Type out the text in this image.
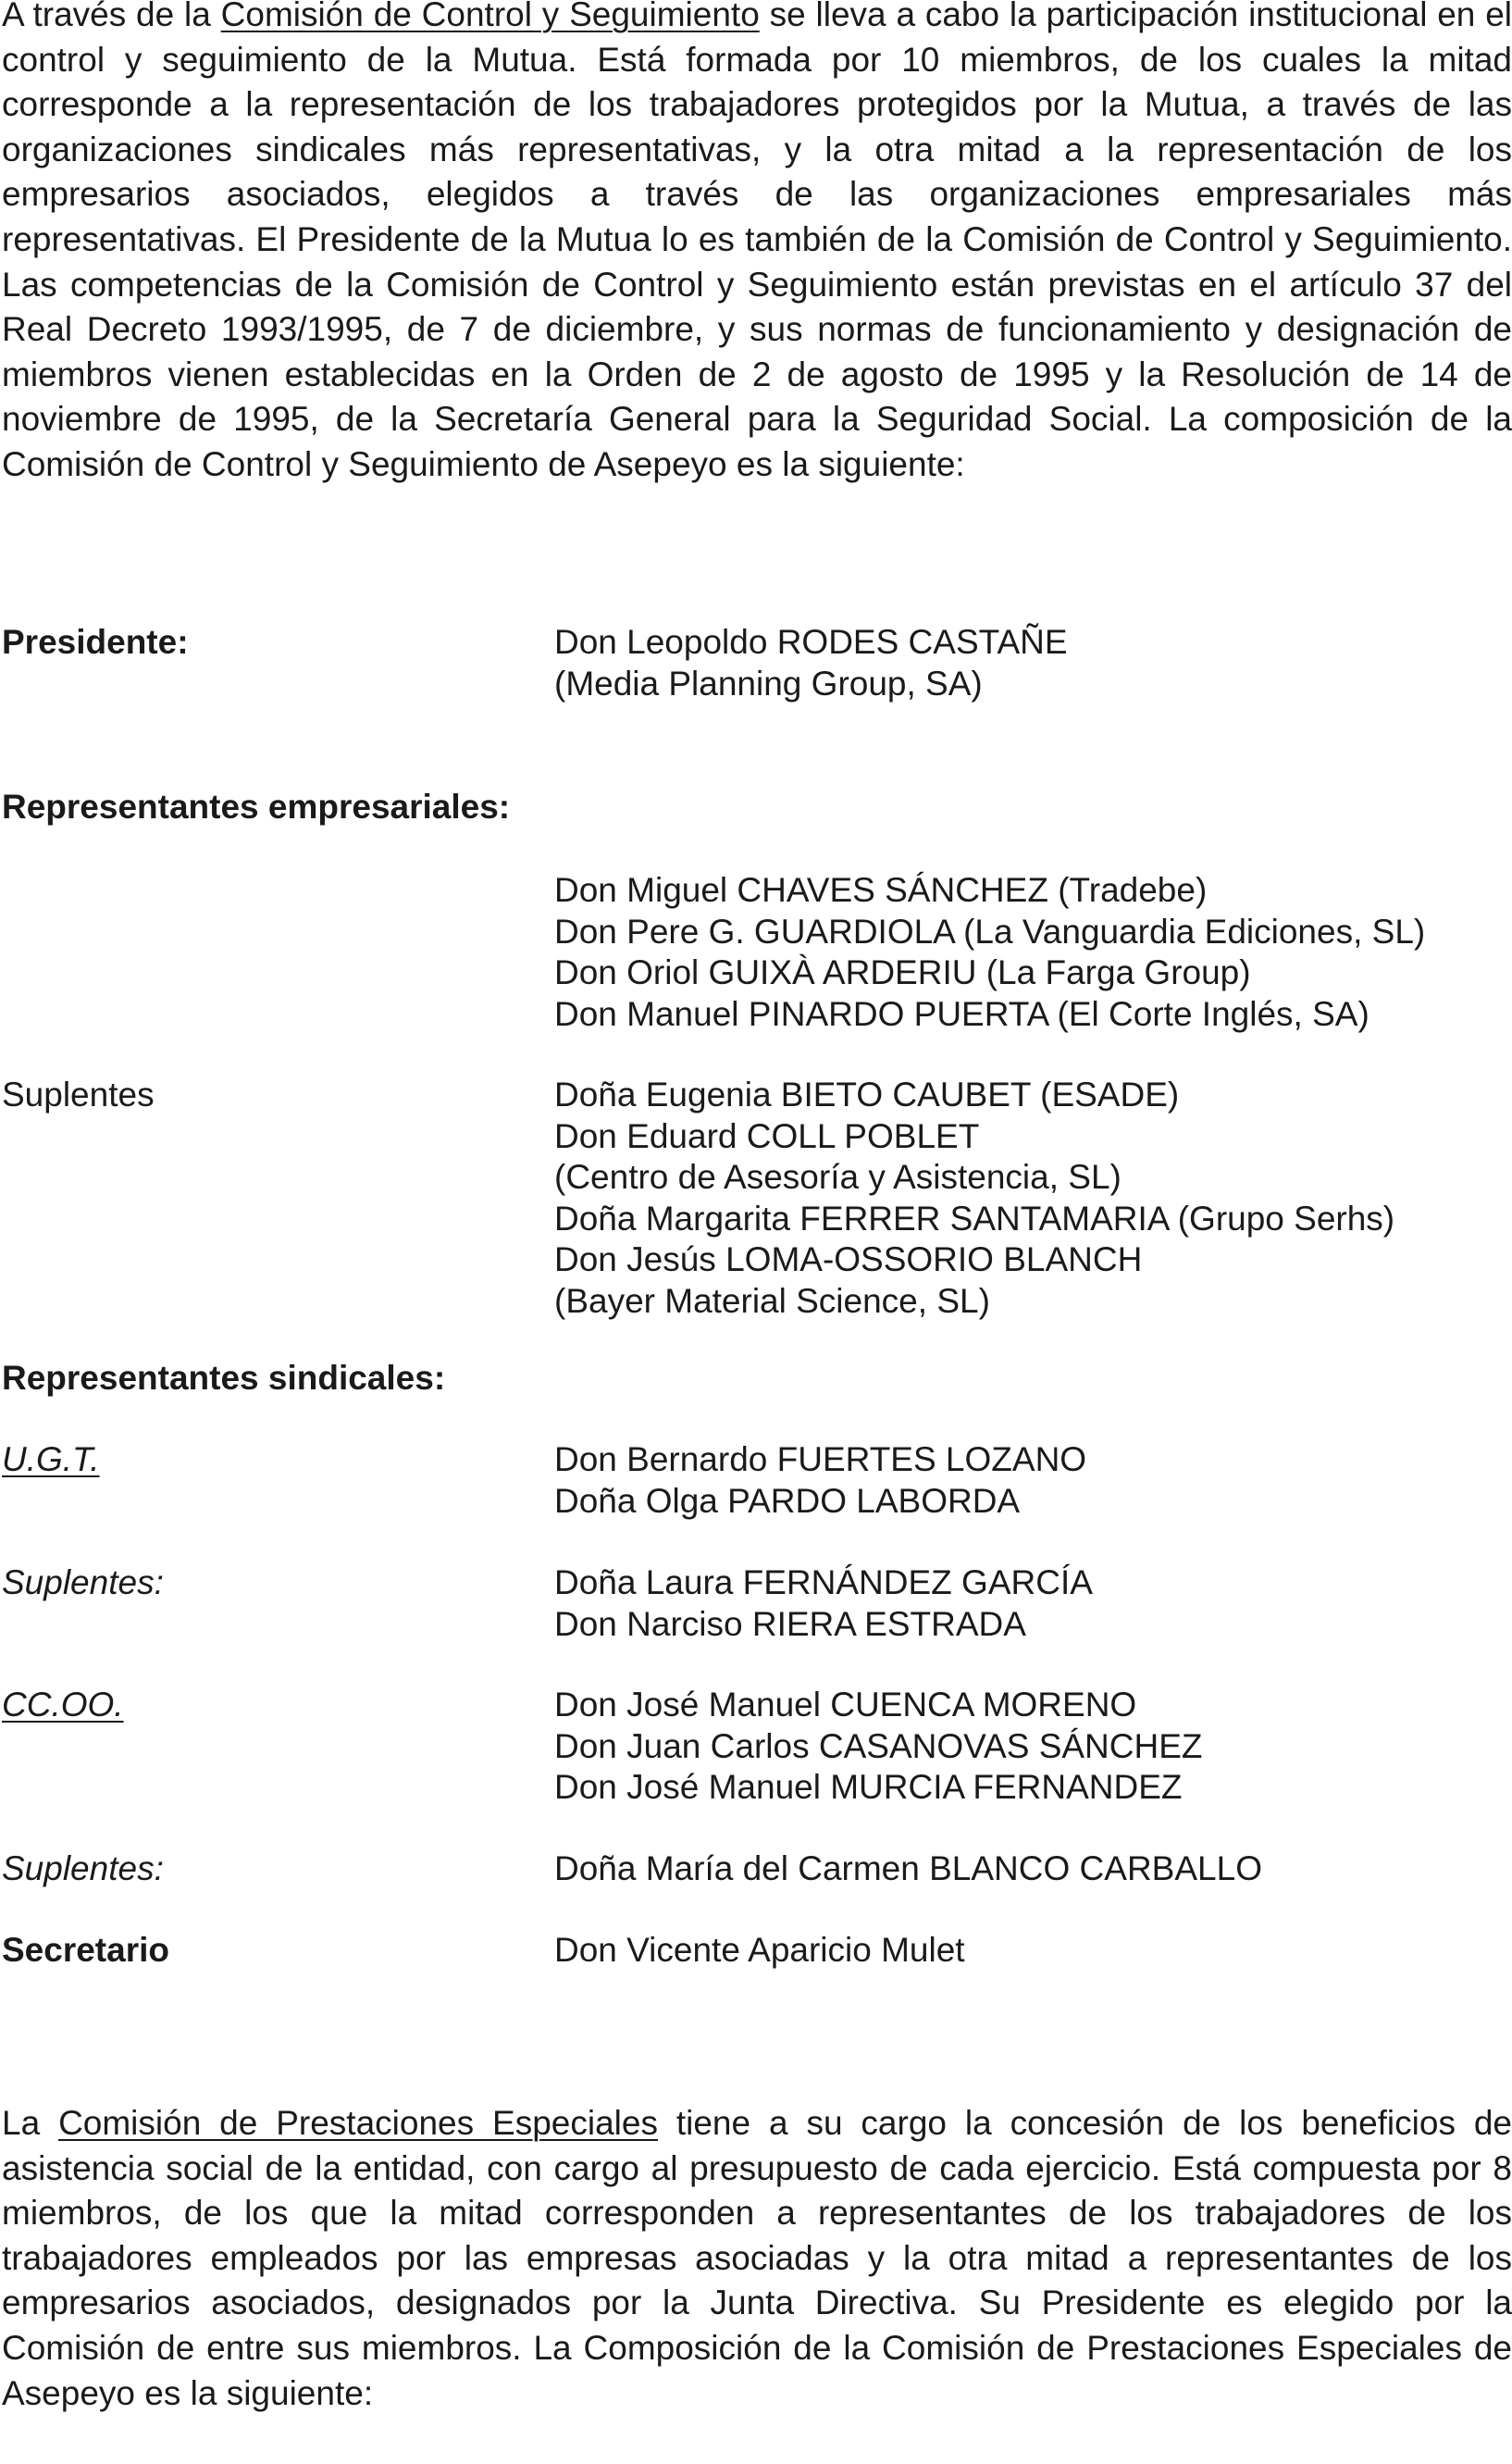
A través de la Comisión de Control y Seguimiento se lleva a cabo la participación institucional en el control y seguimiento de la Mutua. Está formada por 10 miembros, de los cuales la mitad corresponde a la representación de los trabajadores protegidos por la Mutua, a través de las organizaciones sindicales más representativas, y la otra mitad a la representación de los empresarios asociados, elegidos a través de las organizaciones empresariales más representativas. El Presidente de la Mutua lo es también de la Comisión de Control y Seguimiento. Las competencias de la Comisión de Control y Seguimiento están previstas en el artículo 37 del Real Decreto 1993/1995, de 7 de diciembre, y sus normas de funcionamiento y designación de miembros vienen establecidas en la Orden de 2 de agosto de 1995 y la Resolución de 14 de noviembre de 1995, de la Secretaría General para la Seguridad Social. La composición de la Comisión de Control y Seguimiento de Asepeyo es la siguiente:

Presidente:	Don Leopoldo RODES CASTAÑE
(Media Planning Group, SA)
Representantes empresariales:
Don Miguel CHAVES SÁNCHEZ (Tradebe)
Don Pere G. GUARDIOLA (La Vanguardia Ediciones, SL)
Don Oriol GUIXÀ ARDERIU (La Farga Group)
Don Manuel PINARDO PUERTA (El Corte Inglés, SA)
Suplentes	Doña Eugenia BIETO CAUBET (ESADE)
Don Eduard COLL POBLET
(Centro de Asesoría y Asistencia, SL)
Doña Margarita FERRER SANTAMARIA (Grupo Serhs)
Don Jesús LOMA-OSSORIO BLANCH
(Bayer Material Science, SL)
Representantes sindicales:
U.G.T.	Don Bernardo FUERTES LOZANO
Doña Olga PARDO LABORDA
Suplentes:	Doña Laura FERNÁNDEZ GARCÍA
Don Narciso RIERA ESTRADA
CC.OO.	Don José Manuel CUENCA MORENO
Don Juan Carlos CASANOVAS SÁNCHEZ
Don José Manuel MURCIA FERNANDEZ
Suplentes:	Doña María del Carmen BLANCO CARBALLO
Secretario	Don Vicente Aparicio Mulet

La Comisión de Prestaciones Especiales tiene a su cargo la concesión de los beneficios de asistencia social de la entidad, con cargo al presupuesto de cada ejercicio. Está compuesta por 8 miembros, de los que la mitad corresponden a representantes de los trabajadores de los trabajadores empleados por las empresas asociadas y la otra mitad a representantes de los empresarios asociados, designados por la Junta Directiva. Su Presidente es elegido por la Comisión de entre sus miembros. La Composición de la Comisión de Prestaciones Especiales de Asepeyo es la siguiente:
